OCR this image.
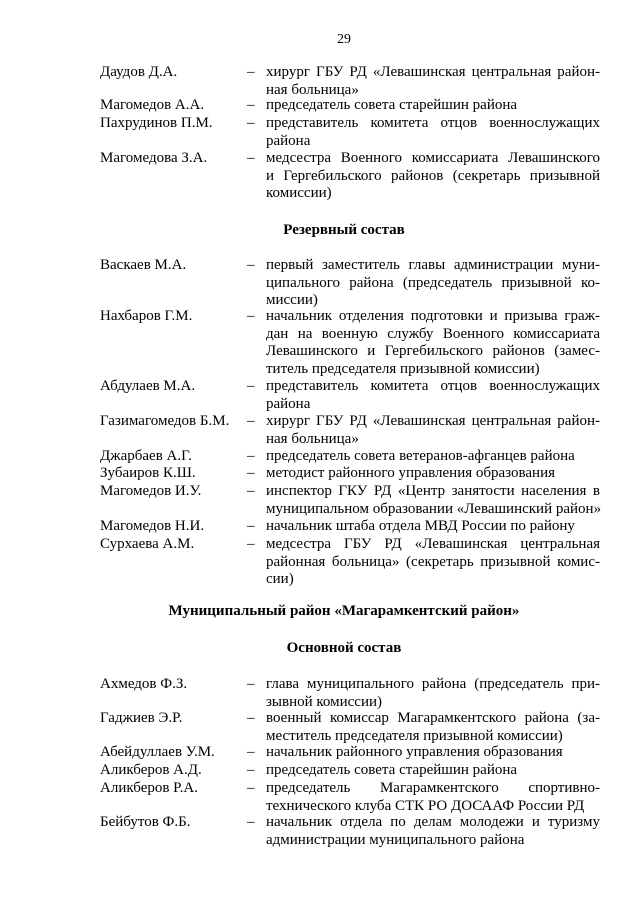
29
Даудов Д.А.	– хирург ГБУ РД «Левашинская центральная район-
ная больница»
Магомедов А.А.	– председатель совета старейшин района
Пахрудинов П.М. – представитель комитета отцов военнослужащих
района
Магомедова З.А.	– медсестра Военного комиссариата Левашинского
и Гергебильского районов (секретарь призывной
комиссии)
Резервный состав
Васкаев М.А.	– первый заместитель главы администрации муни-
ципального района (председатель призывной ко-
миссии)
Нахбаров Г.М.	– начальник отделения подготовки и призыва граж-
дан на военную службу Военного комиссариата
Левашинского и Гергебильского районов (замес-
титель председателя призывной комиссии)
Абдулаев М.А.	– представитель комитета отцов военнослужащих
района
Газимагомедов Б.М. – хирург ГБУ РД «Левашинская центральная район-
ная больница»
Джарбаев А.Г.	– председатель совета ветеранов-афганцев района
Зубаиров К.Ш.	– методист районного управления образования
Магомедов И.У.	– инспектор ГКУ РД «Центр занятости населения в
муниципальном образовании «Левашинский район»
Магомедов Н.И.	– начальник штаба отдела МВД России по району
Сурхаева А.М.	– медсестра ГБУ РД «Левашинская центральная
районная больница» (секретарь призывной комис-
сии)
Муниципальный район «Магарамкентский район»
Основной состав
Ахмедов Ф.З.	– глава муниципального района (председатель при-
зывной комиссии)
Гаджиев Э.Р.	– военный комиссар Магарамкентского района (за-
меститель председателя призывной комиссии)
Абейдуллаев У.М. – начальник районного управления образования
Аликберов А.Д.	– председатель совета старейшин района
Аликберов Р.А.	– председатель Магарамкентского спортивно-
технического клуба СТК РО ДОСААФ России РД
Бейбутов Ф.Б.	– начальник отдела по делам молодежи и туризму
администрации муниципального района
